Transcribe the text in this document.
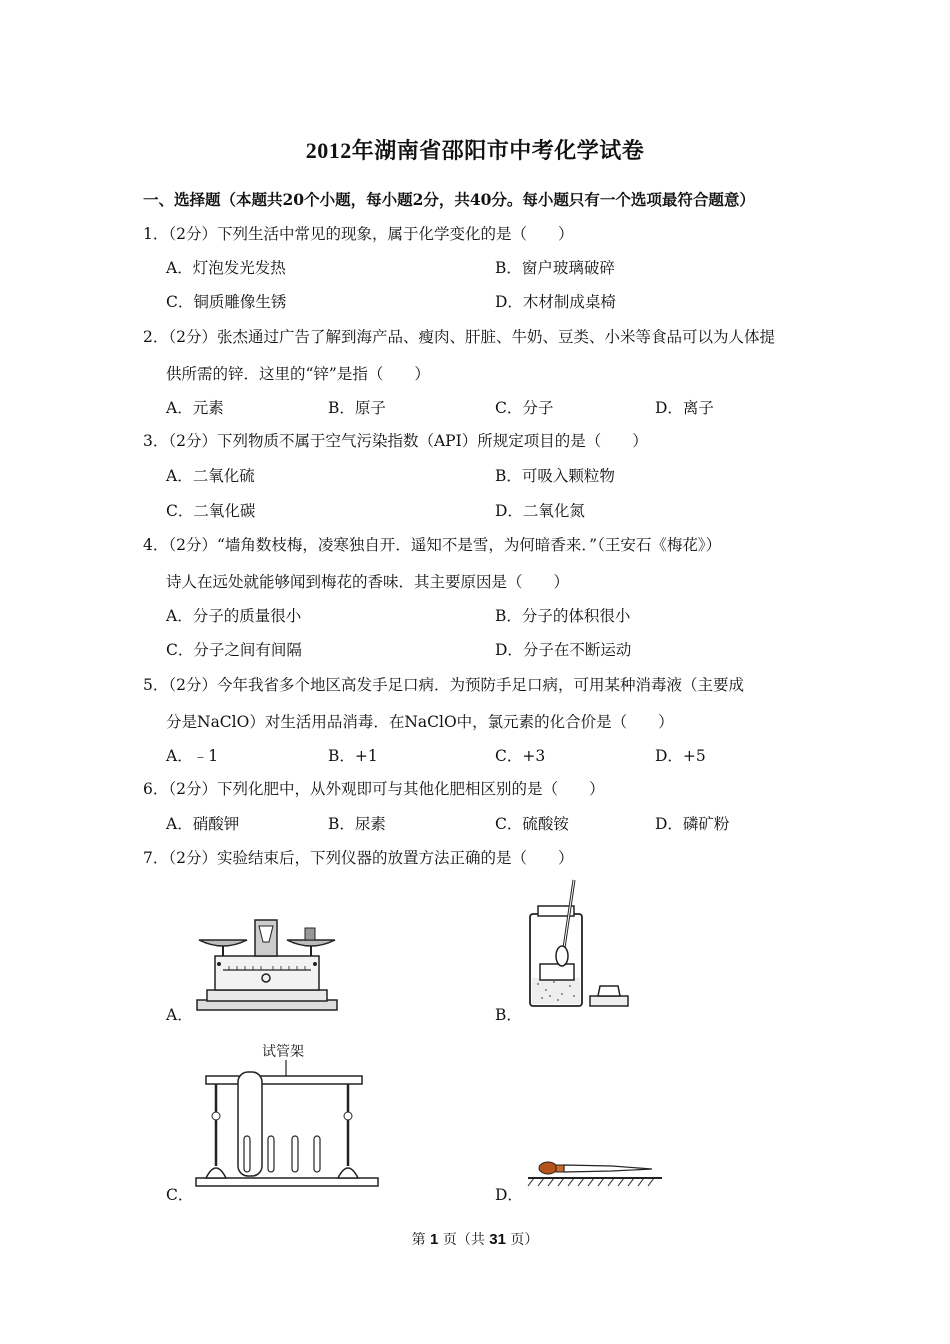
2012年湖南省邵阳市中考化学试卷
一、选择题（本题共20个小题，每小题2分，共40分。每小题只有一个选项最符合题意）
1．（2分）下列生活中常见的现象，属于化学变化的是（　　）
A．灯泡发光发热	B．窗户玻璃破碎
C．铜质雕像生锈	D．木材制成桌椅
2．（2分）张杰通过广告了解到海产品、瘦肉、肝脏、牛奶、豆类、小米等食品可以为人体提
供所需的锌．这里的“锌”是指（　　）
A．元素	B．原子	C．分子	D．离子
3．（2分）下列物质不属于空气污染指数（API）所规定项目的是（　　）
A．二氧化硫	B．可吸入颗粒物
C．二氧化碳	D．二氧化氮
4．（2分）“墙角数枝梅，凌寒独自开．遥知不是雪，为何暗香来．”（王安石《梅花》）
诗人在远处就能够闻到梅花的香味．其主要原因是（　　）
A．分子的质量很小	B．分子的体积很小
C．分子之间有间隔	D．分子在不断运动
5．（2分）今年我省多个地区高发手足口病．为预防手足口病，可用某种消毒液（主要成
分是NaClO）对生活用品消毒．在NaClO中，氯元素的化合价是（　　）
A．﹣1	B．+1	C．+3	D．+5
6．（2分）下列化肥中，从外观即可与其他化肥相区别的是（　　）
A．硝酸钾	B．尿素	C．硫酸铵	D．磷矿粉
7．（2分）实验结束后，下列仪器的放置方法正确的是（　　）
A．	B．
试管架
C．	D．
第 1 页（共 31 页）
